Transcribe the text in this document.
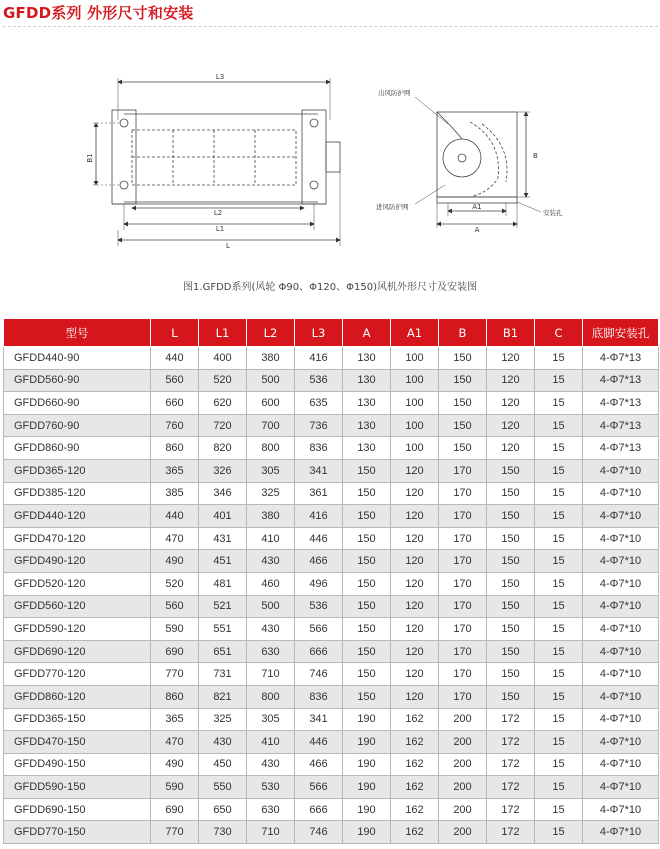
GFDD系列 外形尺寸和安装
L3
L2
L1
L
B1
出风防护网
进风防护网
安装孔
A1
A
B
图1.GFDD系列(风轮 Φ90、Φ120、Φ150)风机外形尺寸及安装图
型号	L	L1	L2	L3	A	A1	B	B1	C	底脚安装孔
GFDD440-90	440	400	380	416	130	100	150	120	15	4-Φ7*13
GFDD560-90	560	520	500	536	130	100	150	120	15	4-Φ7*13
GFDD660-90	660	620	600	635	130	100	150	120	15	4-Φ7*13
GFDD760-90	760	720	700	736	130	100	150	120	15	4-Φ7*13
GFDD860-90	860	820	800	836	130	100	150	120	15	4-Φ7*13
GFDD365-120	365	326	305	341	150	120	170	150	15	4-Φ7*10
GFDD385-120	385	346	325	361	150	120	170	150	15	4-Φ7*10
GFDD440-120	440	401	380	416	150	120	170	150	15	4-Φ7*10
GFDD470-120	470	431	410	446	150	120	170	150	15	4-Φ7*10
GFDD490-120	490	451	430	466	150	120	170	150	15	4-Φ7*10
GFDD520-120	520	481	460	496	150	120	170	150	15	4-Φ7*10
GFDD560-120	560	521	500	536	150	120	170	150	15	4-Φ7*10
GFDD590-120	590	551	430	566	150	120	170	150	15	4-Φ7*10
GFDD690-120	690	651	630	666	150	120	170	150	15	4-Φ7*10
GFDD770-120	770	731	710	746	150	120	170	150	15	4-Φ7*10
GFDD860-120	860	821	800	836	150	120	170	150	15	4-Φ7*10
GFDD365-150	365	325	305	341	190	162	200	172	15	4-Φ7*10
GFDD470-150	470	430	410	446	190	162	200	172	15	4-Φ7*10
GFDD490-150	490	450	430	466	190	162	200	172	15	4-Φ7*10
GFDD590-150	590	550	530	566	190	162	200	172	15	4-Φ7*10
GFDD690-150	690	650	630	666	190	162	200	172	15	4-Φ7*10
GFDD770-150	770	730	710	746	190	162	200	172	15	4-Φ7*10
